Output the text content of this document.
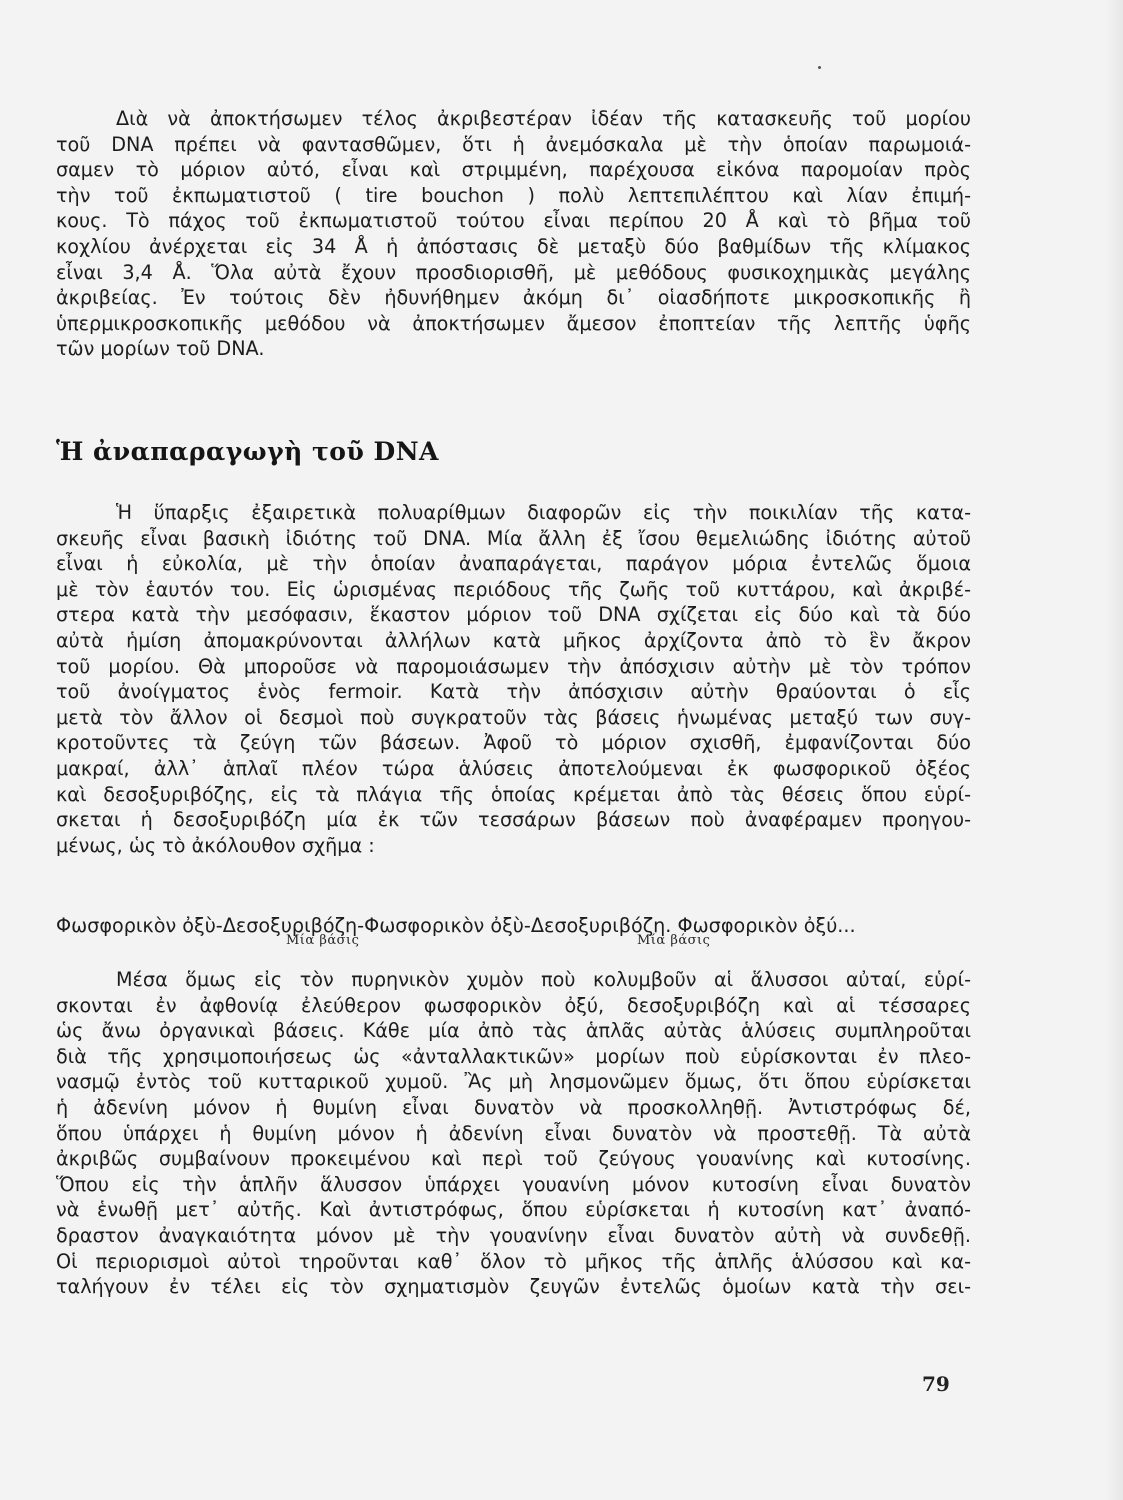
Διὰ νὰ ἀποκτήσωμεν τέλος ἀκριβεστέραν ἰδέαν τῆς κατασκευῆς τοῦ μορίου
τοῦ DNA πρέπει νὰ φαντασθῶμεν, ὅτι ἡ ἀνεμόσκαλα μὲ τὴν ὁποίαν παρωμοιά-
σαμεν τὸ μόριον αὐτό, εἶναι καὶ στριμμένη, παρέχουσα εἰκόνα παρομοίαν πρὸς
τὴν τοῦ ἐκπωματιστοῦ ( tire bouchon ) πολὺ λεπτεπιλέπτου καὶ λίαν ἐπιμή-
κους. Τὸ πάχος τοῦ ἐκπωματιστοῦ τούτου εἶναι περίπου 20 Å καὶ τὸ βῆμα τοῦ
κοχλίου ἀνέρχεται εἰς 34 Å ἡ ἀπόστασις δὲ μεταξὺ δύο βαθμίδων τῆς κλίμακος
εἶναι 3,4 Å. Ὅλα αὐτὰ ἔχουν προσδιορισθῆ, μὲ μεθόδους φυσικοχημικὰς μεγάλης
ἀκριβείας. Ἐν τούτοις δὲν ἠδυνήθημεν ἀκόμη δι᾽ οἱασδήποτε μικροσκοπικῆς ἢ
ὑπερμικροσκοπικῆς μεθόδου νὰ ἀποκτήσωμεν ἄμεσον ἐποπτείαν τῆς λεπτῆς ὑφῆς
τῶν μορίων τοῦ DNA.
Ἡ ἀναπαραγωγὴ τοῦ DNA
Ἡ ὕπαρξις ἐξαιρετικὰ πολυαρίθμων διαφορῶν εἰς τὴν ποικιλίαν τῆς κατα-
σκευῆς εἶναι βασικὴ ἰδιότης τοῦ DNA. Μία ἄλλη ἐξ ἴσου θεμελιώδης ἰδιότης αὐτοῦ
εἶναι ἡ εὐκολία, μὲ τὴν ὁποίαν ἀναπαράγεται, παράγον μόρια ἐντελῶς ὅμοια
μὲ τὸν ἑαυτόν του. Εἰς ὡρισμένας περιόδους τῆς ζωῆς τοῦ κυττάρου, καὶ ἀκριβέ-
στερα κατὰ τὴν μεσόφασιν, ἕκαστον μόριον τοῦ DNA σχίζεται εἰς δύο καὶ τὰ δύο
αὐτὰ ἡμίση ἀπομακρύνονται ἀλλήλων κατὰ μῆκος ἀρχίζοντα ἀπὸ τὸ ἓν ἄκρον
τοῦ μορίου. Θὰ μποροῦσε νὰ παρομοιάσωμεν τὴν ἀπόσχισιν αὐτὴν μὲ τὸν τρόπον
τοῦ ἀνοίγματος ἑνὸς fermoir. Κατὰ τὴν ἀπόσχισιν αὐτὴν θραύονται ὁ εἷς
μετὰ τὸν ἄλλον οἱ δεσμοὶ ποὺ συγκρατοῦν τὰς βάσεις ἡνωμένας μεταξύ των συγ-
κροτοῦντες τὰ ζεύγη τῶν βάσεων. Ἀφοῦ τὸ μόριον σχισθῆ, ἐμφανίζονται δύο
μακραί, ἀλλ᾽ ἁπλαῖ πλέον τώρα ἁλύσεις ἀποτελούμεναι ἐκ φωσφορικοῦ ὀξέος
καὶ δεσοξυριβόζης, εἰς τὰ πλάγια τῆς ὁποίας κρέμεται ἀπὸ τὰς θέσεις ὅπου εὑρί-
σκεται ἡ δεσοξυριβόζη μία ἐκ τῶν τεσσάρων βάσεων ποὺ ἀναφέραμεν προηγου-
μένως, ὡς τὸ ἀκόλουθον σχῆμα :
Φωσφορικὸν ὀξὺ-Δεσοξυριβόζη-Φωσφορικὸν ὀξὺ-Δεσοξυριβόζη. Φωσφορικὸν ὀξύ...
Μία βάσις	Μία βάσις
Μέσα ὅμως εἰς τὸν πυρηνικὸν χυμὸν ποὺ κολυμβοῦν αἱ ἅλυσσοι αὐταί, εὑρί-
σκονται ἐν ἀφθονίᾳ ἐλεύθερον φωσφορικὸν ὀξύ, δεσοξυριβόζη καὶ αἱ τέσσαρες
ὡς ἄνω ὀργανικαὶ βάσεις. Κάθε μία ἀπὸ τὰς ἁπλᾶς αὐτὰς ἁλύσεις συμπληροῦται
διὰ τῆς χρησιμοποιήσεως ὡς «ἀνταλλακτικῶν» μορίων ποὺ εὑρίσκονται ἐν πλεο-
νασμῷ ἐντὸς τοῦ κυτταρικοῦ χυμοῦ. Ἂς μὴ λησμονῶμεν ὅμως, ὅτι ὅπου εὑρίσκεται
ἡ ἀδενίνη μόνον ἡ θυμίνη εἶναι δυνατὸν νὰ προσκολληθῇ. Ἀντιστρόφως δέ,
ὅπου ὑπάρχει ἡ θυμίνη μόνον ἡ ἀδενίνη εἶναι δυνατὸν νὰ προστεθῇ. Τὰ αὐτὰ
ἀκριβῶς συμβαίνουν προκειμένου καὶ περὶ τοῦ ζεύγους γουανίνης καὶ κυτοσίνης.
Ὅπου εἰς τὴν ἁπλῆν ἅλυσσον ὑπάρχει γουανίνη μόνον κυτοσίνη εἶναι δυνατὸν
νὰ ἑνωθῇ μετ᾽ αὐτῆς. Καὶ ἀντιστρόφως, ὅπου εὑρίσκεται ἡ κυτοσίνη κατ᾽ ἀναπό-
δραστον ἀναγκαιότητα μόνον μὲ τὴν γουανίνην εἶναι δυνατὸν αὐτὴ νὰ συνδεθῇ.
Οἱ περιορισμοὶ αὐτοὶ τηροῦνται καθ᾽ ὅλον τὸ μῆκος τῆς ἁπλῆς ἁλύσσου καὶ κα-
ταλήγουν ἐν τέλει εἰς τὸν σχηματισμὸν ζευγῶν ἐντελῶς ὁμοίων κατὰ τὴν σει-
79
